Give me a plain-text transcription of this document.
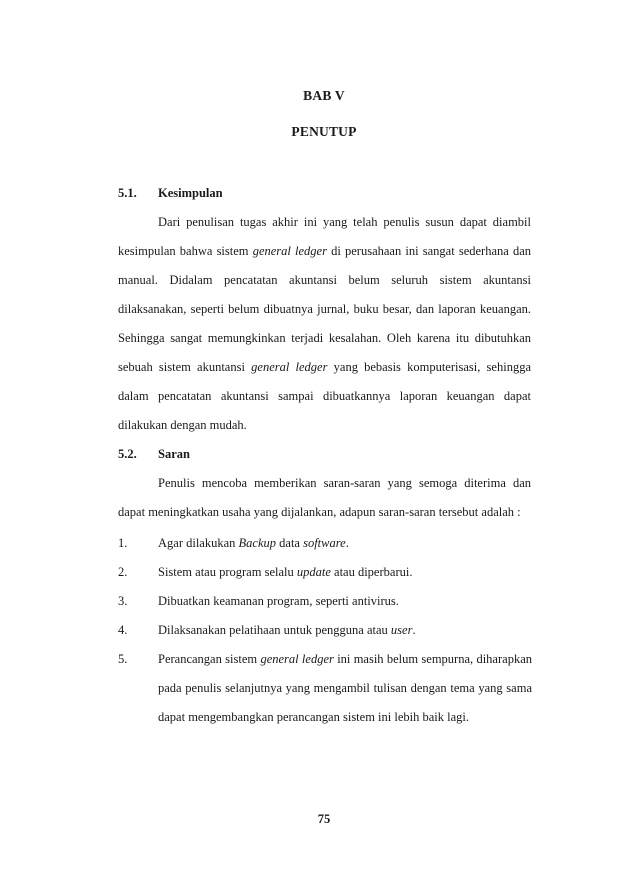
BAB V
PENUTUP
5.1. Kesimpulan

Dari penulisan tugas akhir ini yang telah penulis susun dapat diambil kesimpulan bahwa sistem general ledger di perusahaan ini sangat sederhana dan manual. Didalam pencatatan akuntansi belum seluruh sistem akuntansi dilaksanakan, seperti belum dibuatnya jurnal, buku besar, dan laporan keuangan. Sehingga sangat memungkinkan terjadi kesalahan. Oleh karena itu dibutuhkan sebuah sistem akuntansi general ledger yang bebasis komputerisasi, sehingga dalam pencatatan akuntansi sampai dibuatkannya laporan keuangan dapat dilakukan dengan mudah.

5.2. Saran

Penulis mencoba memberikan saran-saran yang semoga diterima dan dapat meningkatkan usaha yang dijalankan, adapun saran-saran tersebut adalah :

1.	Agar dilakukan Backup data software.
2.	Sistem atau program selalu update atau diperbarui.
3.	Dibuatkan keamanan program, seperti antivirus.
4.	Dilaksanakan pelatihaan untuk pengguna atau user.
5.	Perancangan sistem general ledger ini masih belum sempurna, diharapkan pada penulis selanjutnya yang mengambil tulisan dengan tema yang sama dapat mengembangkan perancangan sistem ini lebih baik lagi.
75
